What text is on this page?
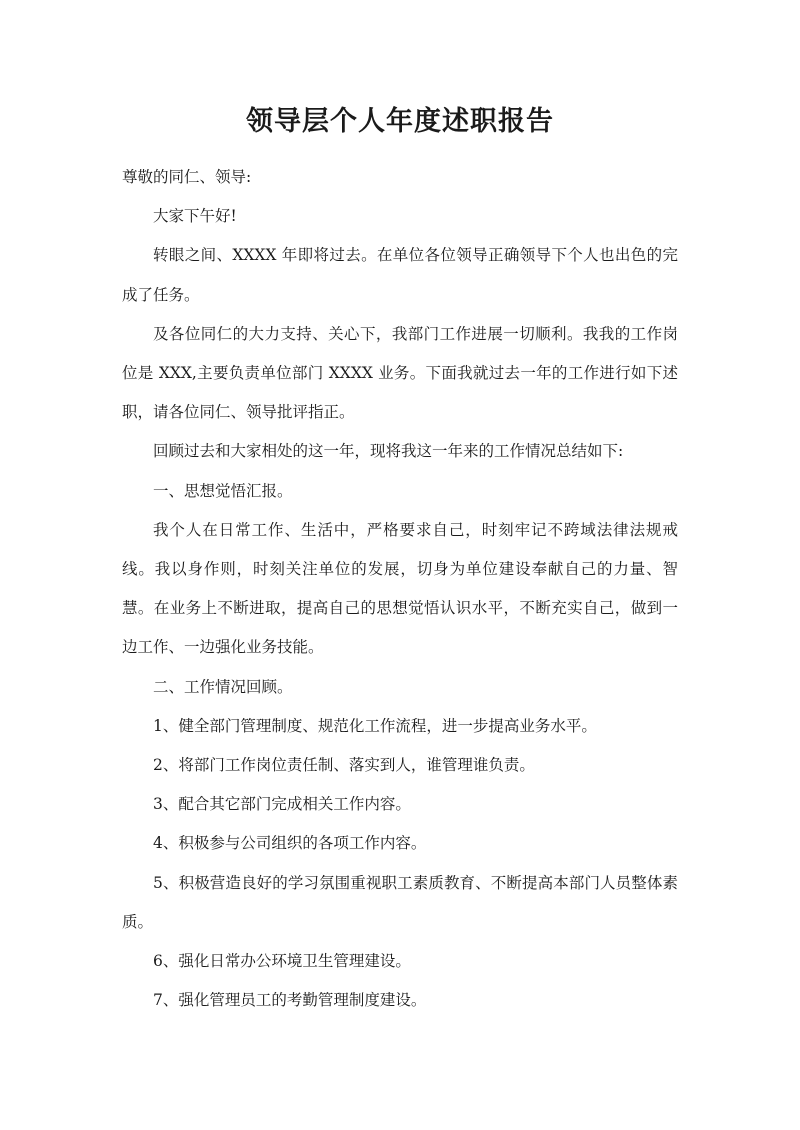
领导层个人年度述职报告

尊敬的同仁、领导:

大家下午好!

转眼之间、XXXX 年即将过去。在单位各位领导正确领导下个人也出色的完成了任务。

及各位同仁的大力支持、关心下，我部门工作进展一切顺利。我我的工作岗位是 XXX,主要负责单位部门 XXXX 业务。下面我就过去一年的工作进行如下述职，请各位同仁、领导批评指正。

回顾过去和大家相处的这一年，现将我这一年来的工作情况总结如下:

一、思想觉悟汇报。

我个人在日常工作、生活中，严格要求自己，时刻牢记不跨域法律法规戒线。我以身作则，时刻关注单位的发展，切身为单位建设奉献自己的力量、智慧。在业务上不断进取，提高自己的思想觉悟认识水平，不断充实自己，做到一边工作、一边强化业务技能。

二、工作情况回顾。

1、健全部门管理制度、规范化工作流程，进一步提高业务水平。

2、将部门工作岗位责任制、落实到人，谁管理谁负责。

3、配合其它部门完成相关工作内容。

4、积极参与公司组织的各项工作内容。

5、积极营造良好的学习氛围重视职工素质教育、不断提高本部门人员整体素质。

6、强化日常办公环境卫生管理建设。

7、强化管理员工的考勤管理制度建设。
